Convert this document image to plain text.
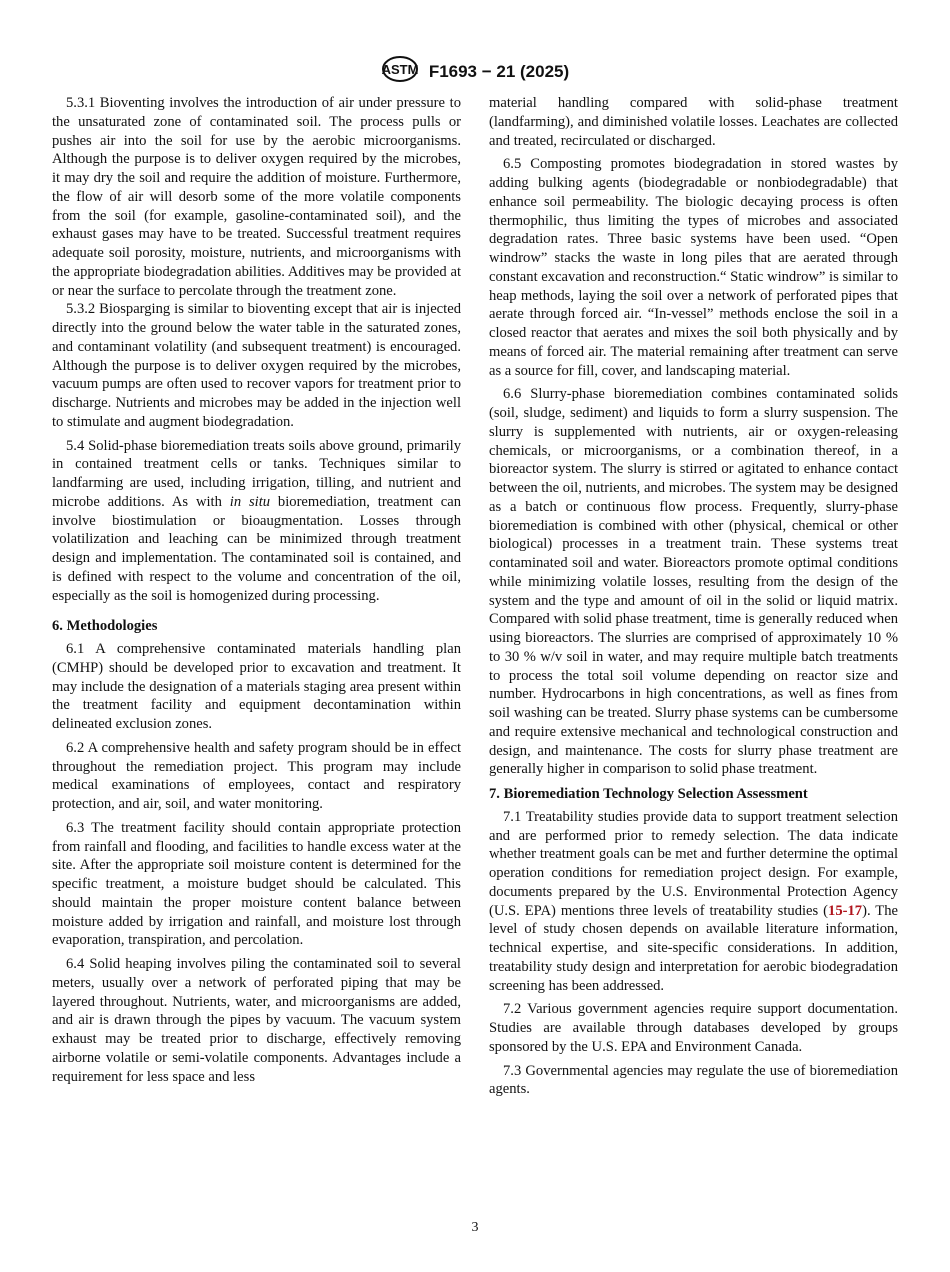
ASTM F1693 − 21 (2025)

5.3.1 Bioventing involves the introduction of air under pressure to the unsaturated zone of contaminated soil. The process pulls or pushes air into the soil for use by the aerobic microorganisms. Although the purpose is to deliver oxygen required by the microbes, it may dry the soil and require the addition of moisture. Furthermore, the flow of air will desorb some of the more volatile components from the soil (for example, gasoline-contaminated soil), and the exhaust gases may have to be treated. Successful treatment requires adequate soil porosity, moisture, nutrients, and microorganisms with the appropriate biodegradation abilities. Additives may be provided at or near the surface to percolate through the treatment zone.

5.3.2 Biosparging is similar to bioventing except that air is injected directly into the ground below the water table in the saturated zones, and contaminant volatility (and subsequent treatment) is encouraged. Although the purpose is to deliver oxygen required by the microbes, vacuum pumps are often used to recover vapors for treatment prior to discharge. Nutrients and microbes may be added in the injection well to stimulate and augment biodegradation.

5.4 Solid-phase bioremediation treats soils above ground, primarily in contained treatment cells or tanks. Techniques similar to landfarming are used, including irrigation, tilling, and nutrient and microbe additions. As with in situ bioremediation, treatment can involve biostimulation or bioaugmentation. Losses through volatilization and leaching can be minimized through treatment design and implementation. The contaminated soil is contained, and is defined with respect to the volume and concentration of the oil, especially as the soil is homogenized during processing.

6. Methodologies

6.1 A comprehensive contaminated materials handling plan (CMHP) should be developed prior to excavation and treatment. It may include the designation of a materials staging area present within the treatment facility and equipment decontamination within delineated exclusion zones.

6.2 A comprehensive health and safety program should be in effect throughout the remediation project. This program may include medical examinations of employees, contact and respiratory protection, and air, soil, and water monitoring.

6.3 The treatment facility should contain appropriate protection from rainfall and flooding, and facilities to handle excess water at the site. After the appropriate soil moisture content is determined for the specific treatment, a moisture budget should be calculated. This should maintain the proper moisture content balance between moisture added by irrigation and rainfall, and moisture lost through evaporation, transpiration, and percolation.

6.4 Solid heaping involves piling the contaminated soil to several meters, usually over a network of perforated piping that may be layered throughout. Nutrients, water, and microorganisms are added, and air is drawn through the pipes by vacuum. The vacuum system exhaust may be treated prior to discharge, effectively removing airborne volatile or semi-volatile components. Advantages include a requirement for less space and less

material handling compared with solid-phase treatment (landfarming), and diminished volatile losses. Leachates are collected and treated, recirculated or discharged.

6.5 Composting promotes biodegradation in stored wastes by adding bulking agents (biodegradable or nonbiodegradable) that enhance soil permeability. The biologic decaying process is often thermophilic, thus limiting the types of microbes and associated degradation rates. Three basic systems have been used. “Open windrow” stacks the waste in long piles that are aerated through constant excavation and reconstruction.“ Static windrow” is similar to heap methods, laying the soil over a network of perforated pipes that aerate through forced air. “In-vessel” methods enclose the soil in a closed reactor that aerates and mixes the soil both physically and by means of forced air. The material remaining after treatment can serve as a source for fill, cover, and landscaping material.

6.6 Slurry-phase bioremediation combines contaminated solids (soil, sludge, sediment) and liquids to form a slurry suspension. The slurry is supplemented with nutrients, air or oxygen-releasing chemicals, or microorganisms, or a combination thereof, in a bioreactor system. The slurry is stirred or agitated to enhance contact between the oil, nutrients, and microbes. The system may be designed as a batch or continuous flow process. Frequently, slurry-phase bioremediation is combined with other (physical, chemical or other biological) processes in a treatment train. These systems treat contaminated soil and water. Bioreactors promote optimal conditions while minimizing volatile losses, resulting from the design of the system and the type and amount of oil in the solid or liquid matrix. Compared with solid phase treatment, time is generally reduced when using bioreactors. The slurries are comprised of approximately 10 % to 30 % w/v soil in water, and may require multiple batch treatments to process the total soil volume depending on reactor size and number. Hydrocarbons in high concentrations, as well as fines from soil washing can be treated. Slurry phase systems can be cumbersome and require extensive mechanical and technological construction and design, and maintenance. The costs for slurry phase treatment are generally higher in comparison to solid phase treatment.

7. Bioremediation Technology Selection Assessment

7.1 Treatability studies provide data to support treatment selection and are performed prior to remedy selection. The data indicate whether treatment goals can be met and further determine the optimal operation conditions for remediation project design. For example, documents prepared by the U.S. Environmental Protection Agency (U.S. EPA) mentions three levels of treatability studies (15-17). The level of study chosen depends on available literature information, technical expertise, and site-specific considerations. In addition, treatability study design and interpretation for aerobic biodegradation screening has been addressed.

7.2 Various government agencies require support documentation. Studies are available through databases developed by groups sponsored by the U.S. EPA and Environment Canada.

7.3 Governmental agencies may regulate the use of bioremediation agents.

3
